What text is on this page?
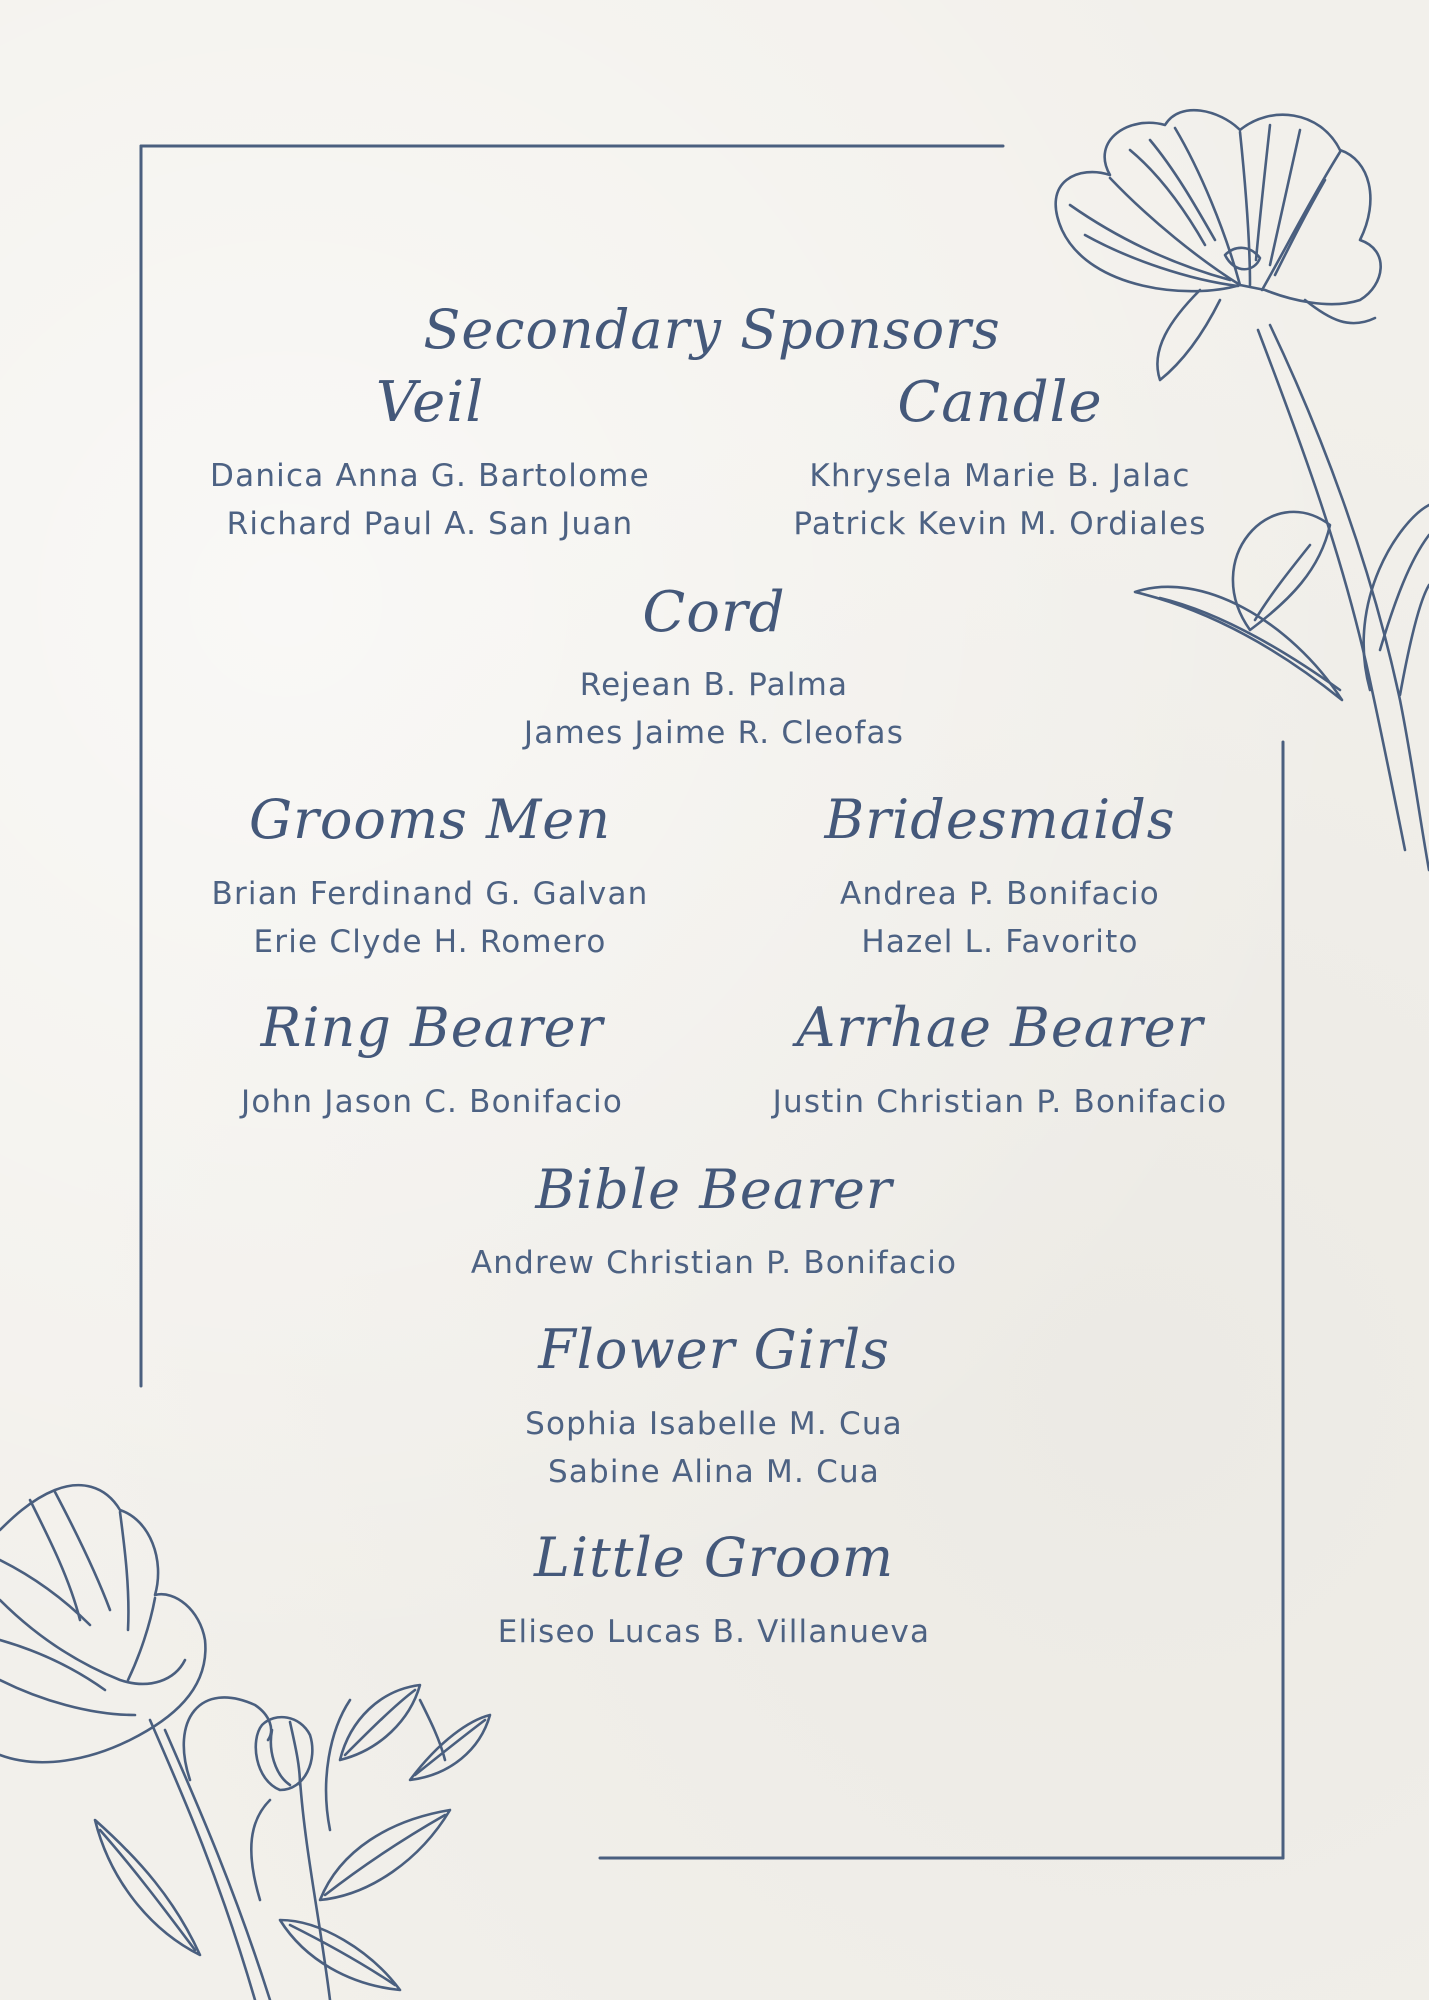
Secondary Sponsors
Veil
Danica Anna G. Bartolome
Richard Paul A. San Juan
Candle
Khrysela Marie B. Jalac
Patrick Kevin M. Ordiales
Cord
Rejean B. Palma
James Jaime R. Cleofas
Grooms Men
Brian Ferdinand G. Galvan
Erie Clyde H. Romero
Bridesmaids
Andrea P. Bonifacio
Hazel L. Favorito
Ring Bearer
John Jason C. Bonifacio
Arrhae Bearer
Justin Christian P. Bonifacio
Bible Bearer
Andrew Christian P. Bonifacio
Flower Girls
Sophia Isabelle M. Cua
Sabine Alina M. Cua
Little Groom
Eliseo Lucas B. Villanueva
